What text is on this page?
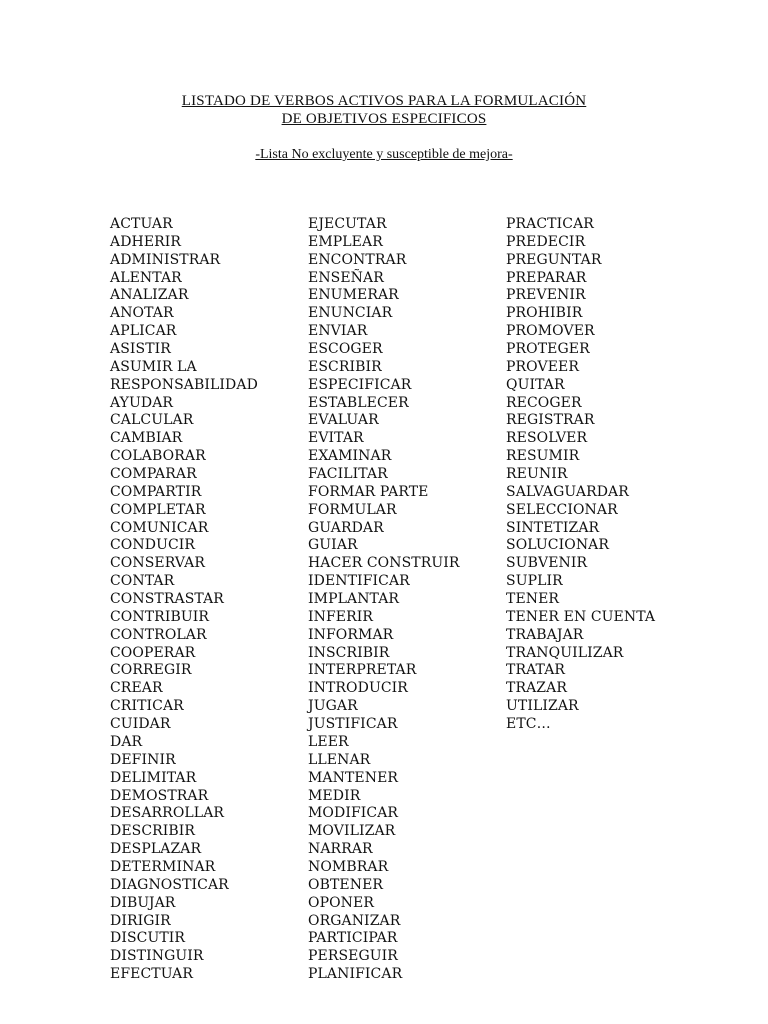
LISTADO DE VERBOS ACTIVOS PARA LA FORMULACIÓN
DE OBJETIVOS ESPECIFICOS
-Lista No excluyente y susceptible de mejora-
ACTUAR
ADHERIR
ADMINISTRAR
ALENTAR
ANALIZAR
ANOTAR
APLICAR
ASISTIR
ASUMIR LA
RESPONSABILIDAD
AYUDAR
CALCULAR
CAMBIAR
COLABORAR
COMPARAR
COMPARTIR
COMPLETAR
COMUNICAR
CONDUCIR
CONSERVAR
CONTAR
CONSTRASTAR
CONTRIBUIR
CONTROLAR
COOPERAR
CORREGIR
CREAR
CRITICAR
CUIDAR
DAR
DEFINIR
DELIMITAR
DEMOSTRAR
DESARROLLAR
DESCRIBIR
DESPLAZAR
DETERMINAR
DIAGNOSTICAR
DIBUJAR
DIRIGIR
DISCUTIR
DISTINGUIR
EFECTUAR
EJECUTAR
EMPLEAR
ENCONTRAR
ENSEÑAR
ENUMERAR
ENUNCIAR
ENVIAR
ESCOGER
ESCRIBIR
ESPECIFICAR
ESTABLECER
EVALUAR
EVITAR
EXAMINAR
FACILITAR
FORMAR PARTE
FORMULAR
GUARDAR
GUIAR
HACER CONSTRUIR
IDENTIFICAR
IMPLANTAR
INFERIR
INFORMAR
INSCRIBIR
INTERPRETAR
INTRODUCIR
JUGAR
JUSTIFICAR
LEER
LLENAR
MANTENER
MEDIR
MODIFICAR
MOVILIZAR
NARRAR
NOMBRAR
OBTENER
OPONER
ORGANIZAR
PARTICIPAR
PERSEGUIR
PLANIFICAR
PRACTICAR
PREDECIR
PREGUNTAR
PREPARAR
PREVENIR
PROHIBIR
PROMOVER
PROTEGER
PROVEER
QUITAR
RECOGER
REGISTRAR
RESOLVER
RESUMIR
REUNIR
SALVAGUARDAR
SELECCIONAR
SINTETIZAR
SOLUCIONAR
SUBVENIR
SUPLIR
TENER
TENER EN CUENTA
TRABAJAR
TRANQUILIZAR
TRATAR
TRAZAR
UTILIZAR
ETC…
